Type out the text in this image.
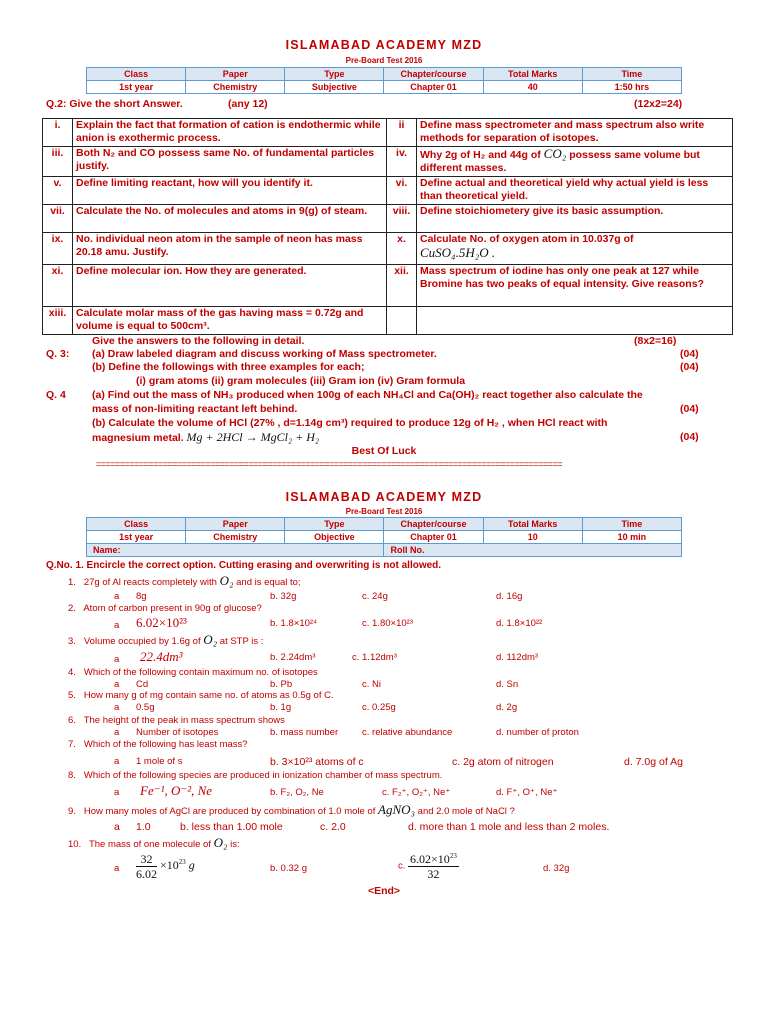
ISLAMABAD ACADEMY MZD
Pre-Board Test 2016
Class	Paper	Type	Chapter/course	Total Marks	Time
1st year	Chemistry	Subjective	Chapter 01	40	1:50 hrs
Q.2: Give the short Answer.	(any 12)	(12x2=24)
i.	Explain the fact that formation of cation is endothermic while anion is exothermic process.	ii	Define mass spectrometer and mass spectrum also write methods for separation of isotopes.
iii.	Both N₂ and CO possess same No. of fundamental particles justify.	iv.	Why 2g of H₂ and 44g of CO₂ possess same volume but different masses.
v.	Define limiting reactant, how will you identify it.	vi.	Define actual and theoretical yield why actual yield is less than theoretical yield.
vii.	Calculate the No. of molecules and atoms in 9(g) of steam.	viii.	Define stoichiometery give its basic assumption.
ix.	No. individual neon atom in the sample of neon has mass 20.18 amu. Justify.	x.	Calculate No. of oxygen atom in 10.037g of
CuSO₄.5H₂O .
xi.	Define molecular ion. How they are generated.	xii.	Mass spectrum of iodine has only one peak at 127 while Bromine has two peaks of equal intensity. Give reasons?
xiii.	Calculate molar mass of the gas having mass = 0.72g and volume is equal to 500cm³.		
Give the answers to the following in detail.	(8x2=16)
Q. 3: (a) Draw labeled diagram and discuss working of Mass spectrometer.	(04)
(b) Define the followings with three examples for each;	(04)
(i) gram atoms (ii) gram molecules (iii) Gram ion (iv) Gram formula
Q. 4 (a) Find out the mass of NH₃ produced when 100g of each NH₄Cl and Ca(OH)₂ react together also calculate the
mass of non-limiting reactant left behind.	(04)
(b) Calculate the volume of HCl (27% , d=1.14g cm³) required to produce 12g of H₂ , when HCl react with
magnesium metal. Mg + 2HCl → MgCl₂ + H₂	(04)
Best Of Luck
==================================================================================================
ISLAMABAD ACADEMY MZD
Pre-Board Test 2016
Class	Paper	Type	Chapter/course	Total Marks	Time
1st year	Chemistry	Objective	Chapter 01	10	10 min
Name:			Roll No.		
Q.No. 1. Encircle the correct option. Cutting erasing and overwriting is not allowed.
1. 27g of Al reacts completely with O₂ and is equal to;
a 8g	b. 32g	c. 24g	d. 16g
2. Atom of carbon present in 90g of glucose?
a 6.02×10²³	b. 1.8×10²⁴	c. 1.80×10²³	d. 1.8×10²²
3. Volume occupied by 1.6g of O₂ at STP is :
a 22.4dm³	b. 2.24dm³	c. 1.12dm³	d. 112dm³
4. Which of the following contain maximum no. of isotopes
a Cd	b. Pb	c. Ni	d. Sn
5. How many g of mg contain same no. of atoms as 0.5g of C.
a 0.5g	b. 1g	c. 0.25g	d. 2g
6. The height of the peak in mass spectrum shows
a Number of isotopes	b. mass number	c. relative abundance	d. number of proton
7. Which of the following has least mass?
a 1 mole of s	b. 3×10²³ atoms of c	c. 2g atom of nitrogen	d. 7.0g of Ag
8. Which of the following species are produced in ionization chamber of mass spectrum.
a Fe⁻¹, O⁻², Ne	b. F₂, O₂, Ne	c. F₂⁺, O₂⁺, Ne⁺	d. F⁺, O⁺, Ne⁺
9. How many moles of AgCl are produced by combination of 1.0 mole of AgNO₃ and 2.0 mole of NaCl ?
a 1.0	b. less than 1.00 mole	c. 2.0	d. more than 1 mole and less than 2 moles.
10. The mass of one molecule of O₂ is:
a $\frac{32}{6.02} \times 10^{23}$ g	b. 0.32 g	c. $\frac{6.02\times 10^{23}}{32}$	d. 32g
<End>
